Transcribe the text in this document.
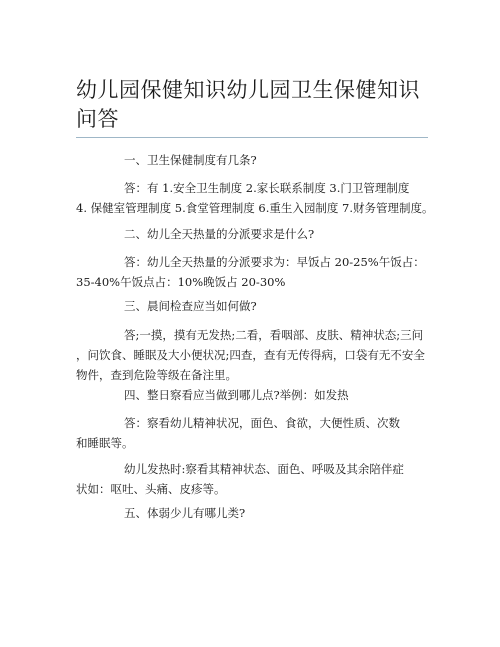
幼儿园保健知识幼儿园卫生保健知识
问答

一、卫生保健制度有几条?

答：有 1.安全卫生制度 2.家长联系制度 3.门卫管理制度
4. 保健室管理制度 5.食堂管理制度 6.重生入园制度 7.财务管理制度。

二、幼儿全天热量的分派要求是什么?

答：幼儿全天热量的分派要求为：早饭占 20-25%午饭占：
35-40%午饭点占：10%晚饭占 20-30%

三、晨间检查应当如何做?

答;一摸，摸有无发热;二看，看咽部、皮肤、精神状态;三问
，问饮食、睡眠及大小便状况;四查，查有无传得病，口袋有无不安全
物件，查到危险等级在备注里。

四、整日察看应当做到哪儿点?举例：如发热

答：察看幼儿精神状况，面色、食欲，大便性质、次数
和睡眠等。

幼儿发热时:察看其精神状态、面色、呼吸及其余陪伴症
状如：呕吐、头痛、皮疹等。

五、体弱少儿有哪儿类?
